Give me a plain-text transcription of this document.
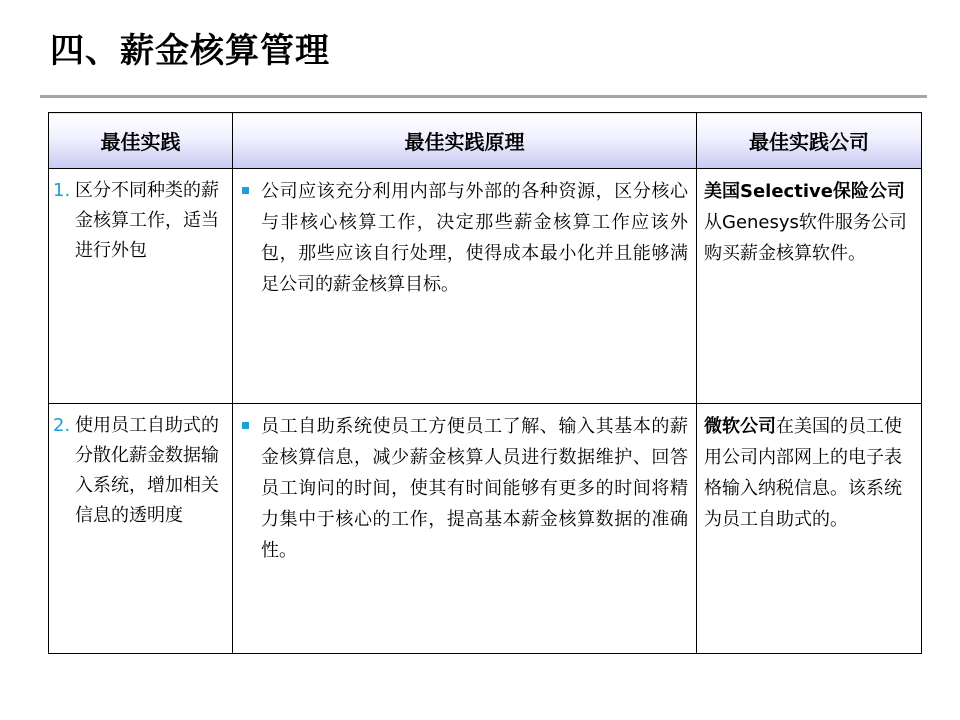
四、薪金核算管理
最佳实践	最佳实践原理	最佳实践公司

1. 区分不同种类的薪金核算工作，适当进行外包	公司应该充分利用内部与外部的各种资源，区分核心与非核心核算工作，决定那些薪金核算工作应该外包，那些应该自行处理，使得成本最小化并且能够满足公司的薪金核算目标。	美国Selective保险公司从Genesys软件服务公司购买薪金核算软件。

2. 使用员工自助式的分散化薪金数据输入系统，增加相关信息的透明度	员工自助系统使员工方便员工了解、输入其基本的薪金核算信息，减少薪金核算人员进行数据维护、回答员工询问的时间，使其有时间能够有更多的时间将精力集中于核心的工作，提高基本薪金核算数据的准确性。	微软公司在美国的员工使用公司内部网上的电子表格输入纳税信息。该系统为员工自助式的。
